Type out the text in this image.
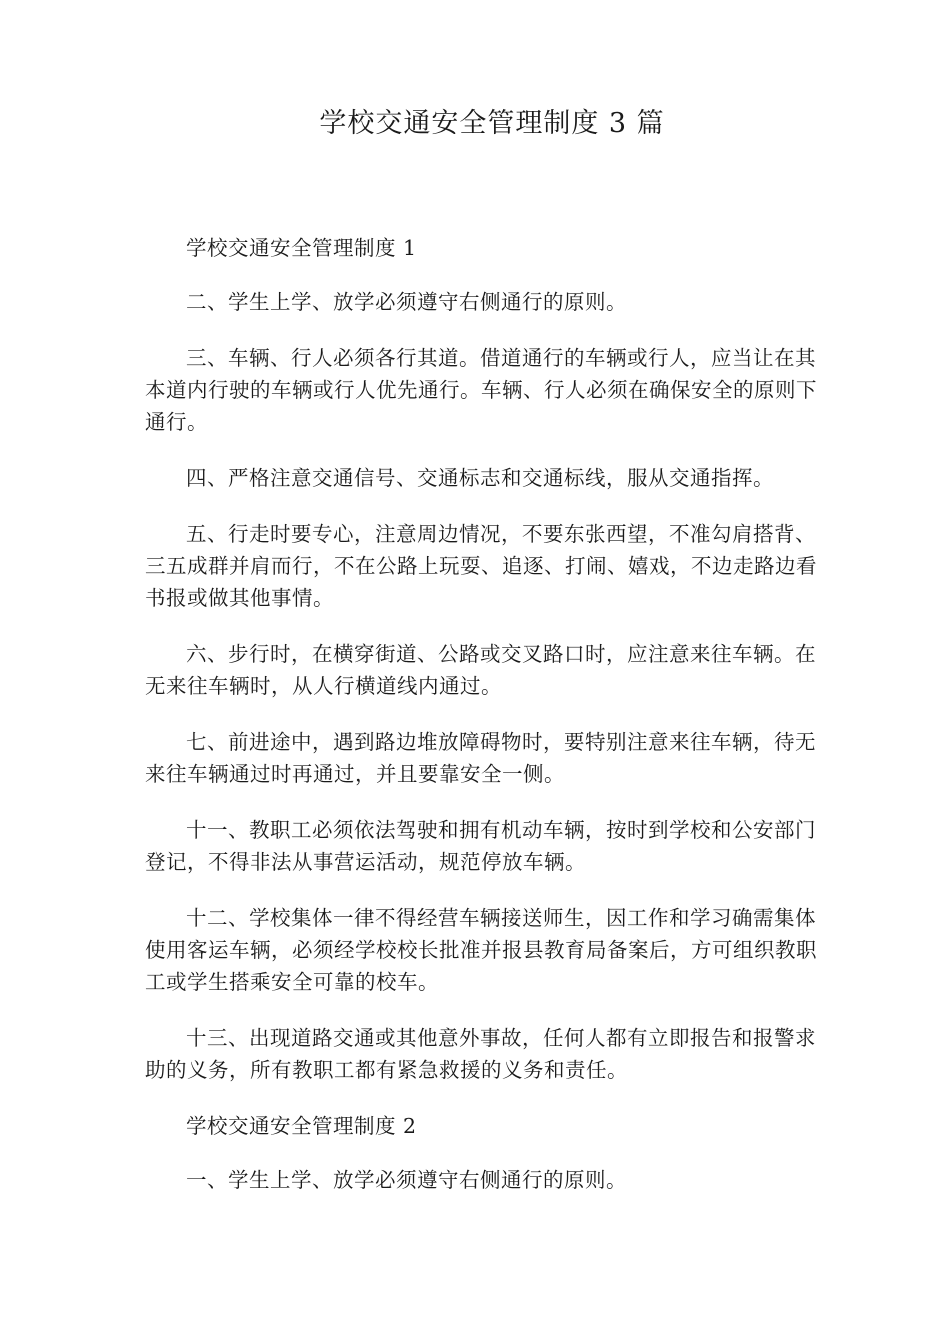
学校交通安全管理制度 3 篇

学校交通安全管理制度 1

二、学生上学、放学必须遵守右侧通行的原则。

三、车辆、行人必须各行其道。借道通行的车辆或行人，应当让在其本道内行驶的车辆或行人优先通行。车辆、行人必须在确保安全的原则下通行。

四、严格注意交通信号、交通标志和交通标线，服从交通指挥。

五、行走时要专心，注意周边情况，不要东张西望，不准勾肩搭背、三五成群并肩而行，不在公路上玩耍、追逐、打闹、嬉戏，不边走路边看书报或做其他事情。

六、步行时，在横穿街道、公路或交叉路口时，应注意来往车辆。在无来往车辆时，从人行横道线内通过。

七、前进途中，遇到路边堆放障碍物时，要特别注意来往车辆，待无来往车辆通过时再通过，并且要靠安全一侧。

十一、教职工必须依法驾驶和拥有机动车辆，按时到学校和公安部门登记，不得非法从事营运活动，规范停放车辆。

十二、学校集体一律不得经营车辆接送师生，因工作和学习确需集体使用客运车辆，必须经学校校长批准并报县教育局备案后，方可组织教职工或学生搭乘安全可靠的校车。

十三、出现道路交通或其他意外事故，任何人都有立即报告和报警求助的义务，所有教职工都有紧急救援的义务和责任。

学校交通安全管理制度 2

一、学生上学、放学必须遵守右侧通行的原则。
